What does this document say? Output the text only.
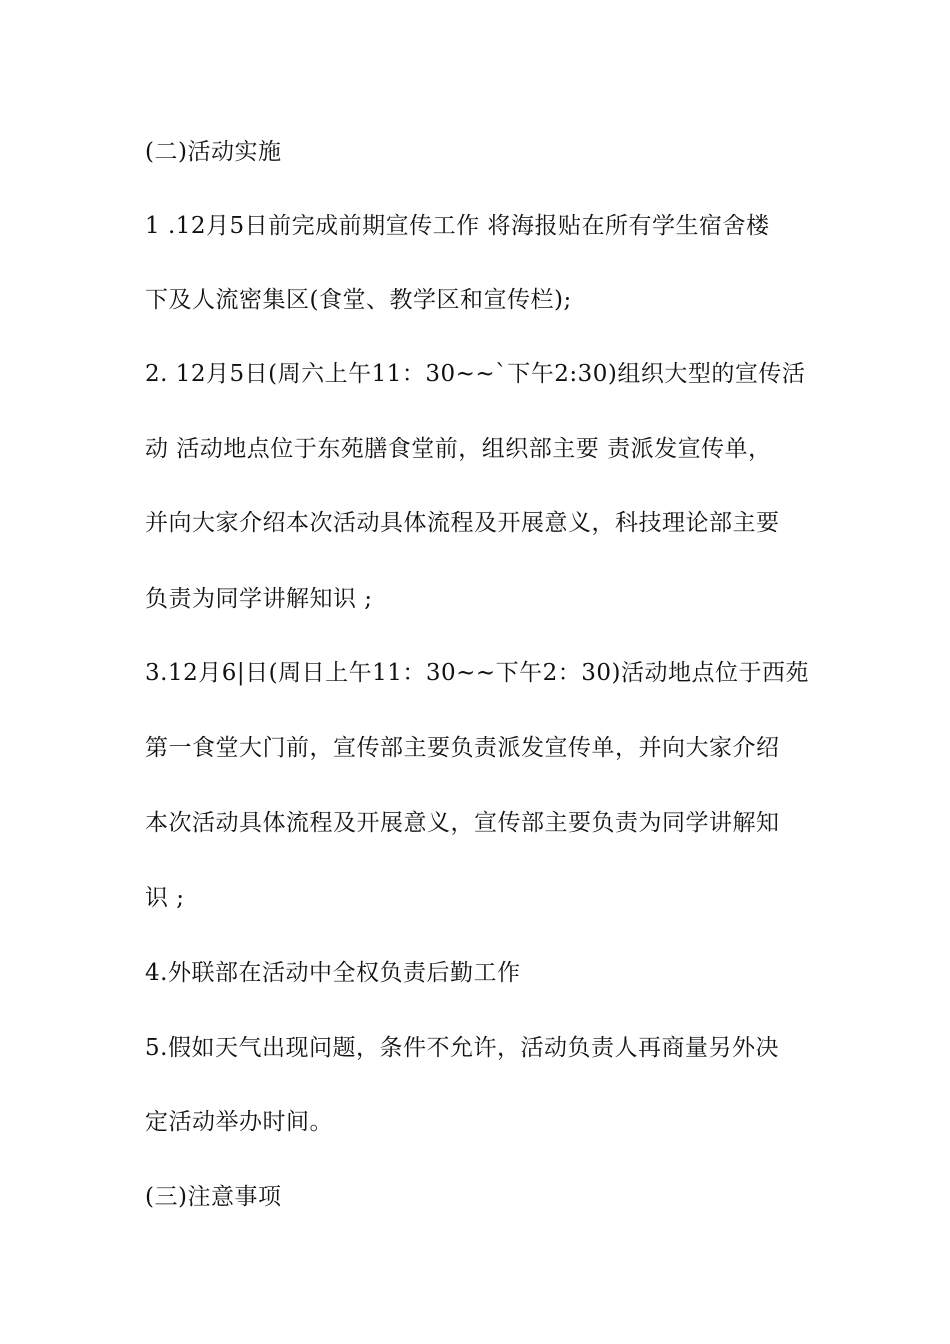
(二)活动实施
1 .12月5日前完成前期宣传工作 将海报贴在所有学生宿舍楼
下及人流密集区(食堂、教学区和宣传栏);
2. 12月5日(周六上午11：30~~`下午2:30)组织大型的宣传活
动 活动地点位于东苑膳食堂前，组织部主要 责派发宣传单，
并向大家介绍本次活动具体流程及开展意义，科技理论部主要
负责为同学讲解知识 ;
3.12月6|日(周日上午11：30~~下午2：30)活动地点位于西苑
第一食堂大门前，宣传部主要负责派发宣传单，并向大家介绍
本次活动具体流程及开展意义，宣传部主要负责为同学讲解知
识 ;
4.外联部在活动中全权负责后勤工作
5.假如天气出现问题，条件不允许，活动负责人再商量另外决
定活动举办时间。
(三)注意事项
